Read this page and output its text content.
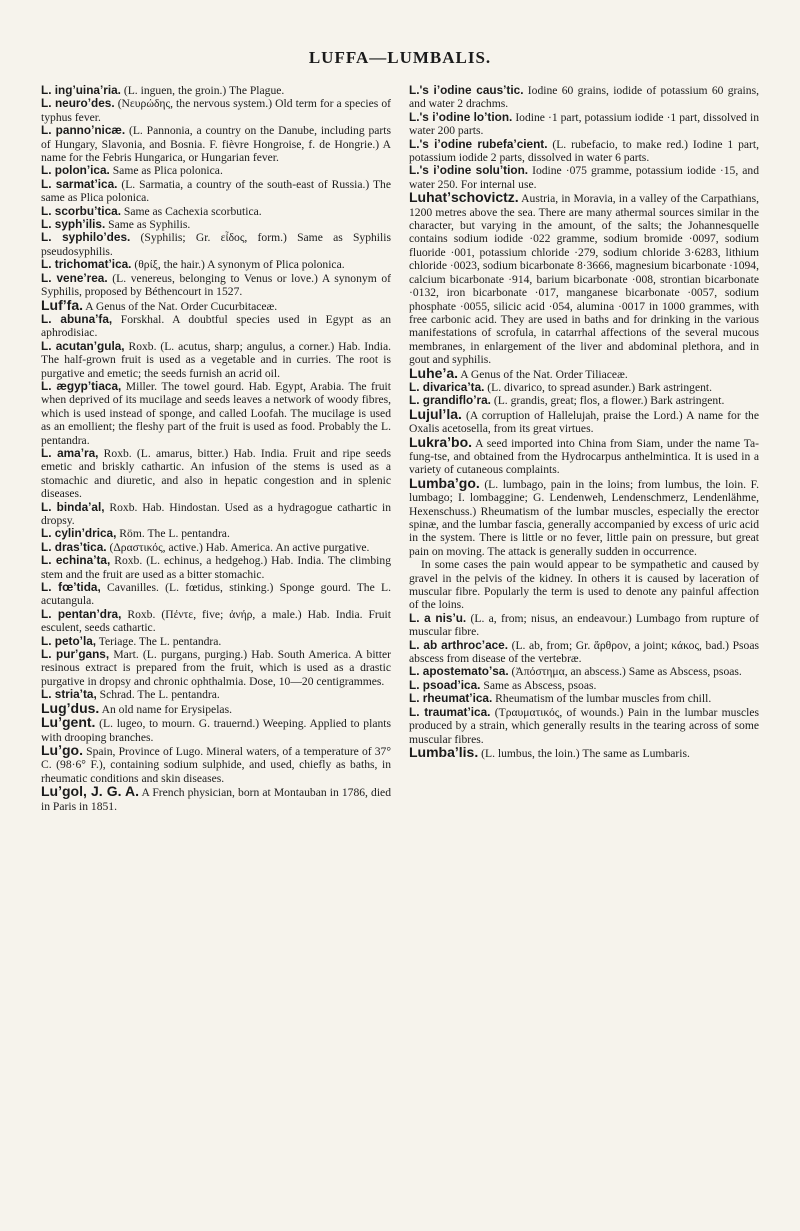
LUFFA—LUMBALIS.

L. ingʼuinaʼria. (L. inguen, the groin.) The Plague.

L. neuroʼdes. (Νευρώδης, the nervous system.) Old term for a species of typhus fever.

L. pannoʼnicæ. (L. Pannonia, a country on the Danube, including parts of Hungary, Slavonia, and Bosnia. F. fièvre Hongroise, f. de Hongrie.) A name for the Febris Hungarica, or Hungarian fever.

L. polonʼica. Same as Plica polonica.

L. sarmatʼica. (L. Sarmatia, a country of the south-east of Russia.) The same as Plica polonica.

L. scorbuʼtica. Same as Cachexia scorbutica.

L. syphʼilis. Same as Syphilis.

L. syphiloʼdes. (Syphilis; Gr. εἶδος, form.) Same as Syphilis pseudosyphilis.

L. trichomatʼica. (θρίξ, the hair.) A synonym of Plica polonica.

L. veneʼrea. (L. venereus, belonging to Venus or love.) A synonym of Syphilis, proposed by Béthencourt in 1527.

Lufʼfa. A Genus of the Nat. Order Cucurbitaceæ.

L. abunaʼfa, Forskhal. A doubtful species used in Egypt as an aphrodisiac.

L. acutanʼgula, Roxb. (L. acutus, sharp; angulus, a corner.) Hab. India. The half-grown fruit is used as a vegetable and in curries. The root is purgative and emetic; the seeds furnish an acrid oil.

L. ægypʼtiaca, Miller. The towel gourd. Hab. Egypt, Arabia. The fruit when deprived of its mucilage and seeds leaves a network of woody fibres, which is used instead of sponge, and called Loofah. The mucilage is used as an emollient; the fleshy part of the fruit is used as food. Probably the L. pentandra.

L. amaʼra, Roxb. (L. amarus, bitter.) Hab. India. Fruit and ripe seeds emetic and briskly cathartic. An infusion of the stems is used as a stomachic and diuretic, and also in hepatic congestion and in splenic diseases.

L. bindaʼal, Roxb. Hab. Hindostan. Used as a hydragogue cathartic in dropsy.

L. cylinʼdrica, Röm. The L. pentandra.

L. drasʼtica. (Δραστικός, active.) Hab. America. An active purgative.

L. echinaʼta, Roxb. (L. echinus, a hedgehog.) Hab. India. The climbing stem and the fruit are used as a bitter stomachic.

L. fœʼtida, Cavanilles. (L. fœtidus, stinking.) Sponge gourd. The L. acutangula.

L. pentanʼdra, Roxb. (Πέντε, five; ἀνήρ, a male.) Hab. India. Fruit esculent, seeds cathartic.

L. petoʼla, Teriage. The L. pentandra.

L. purʼgans, Mart. (L. purgans, purging.) Hab. South America. A bitter resinous extract is prepared from the fruit, which is used as a drastic purgative in dropsy and chronic ophthalmia. Dose, 10—20 centigrammes.

L. striaʼta, Schrad. The L. pentandra.

Lugʼdus. An old name for Erysipelas.

Luʼgent. (L. lugeo, to mourn. G. trauernd.) Weeping. Applied to plants with drooping branches.

Luʼgo. Spain, Province of Lugo. Mineral waters, of a temperature of 37° C. (98·6° F.), containing sodium sulphide, and used, chiefly as baths, in rheumatic conditions and skin diseases.

Luʼgol, J. G. A. A French physician, born at Montauban in 1786, died in Paris in 1851.

L.'s iʼodine causʼtic. Iodine 60 grains, iodide of potassium 60 grains, and water 2 drachms.

L.'s iʼodine loʼtion. Iodine ·1 part, potassium iodide ·1 part, dissolved in water 200 parts.

L.'s iʼodine rubefaʼcient. (L. rubefacio, to make red.) Iodine 1 part, potassium iodide 2 parts, dissolved in water 6 parts.

L.'s iʼodine soluʼtion. Iodine ·075 gramme, potassium iodide ·15, and water 250. For internal use.

Luhatʼschovictz. Austria, in Moravia, in a valley of the Carpathians, 1200 metres above the sea. There are many athermal sources similar in the character, but varying in the amount, of the salts; the Johannesquelle contains sodium iodide ·022 gramme, sodium bromide ·0097, sodium fluoride ·001, potassium chloride ·279, sodium chloride 3·6283, lithium chloride ·0023, sodium bicarbonate 8·3666, magnesium bicarbonate ·1094, calcium bicarbonate ·914, barium bicarbonate ·008, strontian bicarbonate ·0132, iron bicarbonate ·017, manganese bicarbonate ·0057, sodium phosphate ·0055, silicic acid ·054, alumina ·0017 in 1000 grammes, with free carbonic acid. They are used in baths and for drinking in the various manifestations of scrofula, in catarrhal affections of the several mucous membranes, in enlargement of the liver and abdominal plethora, and in gout and syphilis.

Luheʼa. A Genus of the Nat. Order Tiliaceæ.

L. divaricaʼta. (L. divarico, to spread asunder.) Bark astringent.

L. grandifloʼra. (L. grandis, great; flos, a flower.) Bark astringent.

Lujulʼla. (A corruption of Hallelujah, praise the Lord.) A name for the Oxalis acetosella, from its great virtues.

Lukraʼbo. A seed imported into China from Siam, under the name Ta-fung-tse, and obtained from the Hydrocarpus anthelmintica. It is used in a variety of cutaneous complaints.

Lumbaʼgo. (L. lumbago, pain in the loins; from lumbus, the loin. F. lumbago; I. lombaggine; G. Lendenweh, Lendenschmerz, Lendenlähme, Hexenschuss.) Rheumatism of the lumbar muscles, especially the erector spinæ, and the lumbar fascia, generally accompanied by excess of uric acid in the system. There is little or no fever, little pain on pressure, but great pain on moving. The attack is generally sudden in occurrence.

In some cases the pain would appear to be sympathetic and caused by gravel in the pelvis of the kidney. In others it is caused by laceration of muscular fibre. Popularly the term is used to denote any painful affection of the loins.

L. a nisʼu. (L. a, from; nisus, an endeavour.) Lumbago from rupture of muscular fibre.

L. ab arthrocʼace. (L. ab, from; Gr. ἄρθρον, a joint; κάκος, bad.) Psoas abscess from disease of the vertebræ.

L. apostematoʼsa. (Ἀπόστημα, an abscess.) Same as Abscess, psoas.

L. psoadʼica. Same as Abscess, psoas.

L. rheumatʼica. Rheumatism of the lumbar muscles from chill.

L. traumatʼica. (Τραυματικός, of wounds.) Pain in the lumbar muscles produced by a strain, which generally results in the tearing across of some muscular fibres.

Lumbaʼlis. (L. lumbus, the loin.) The same as Lumbaris.
